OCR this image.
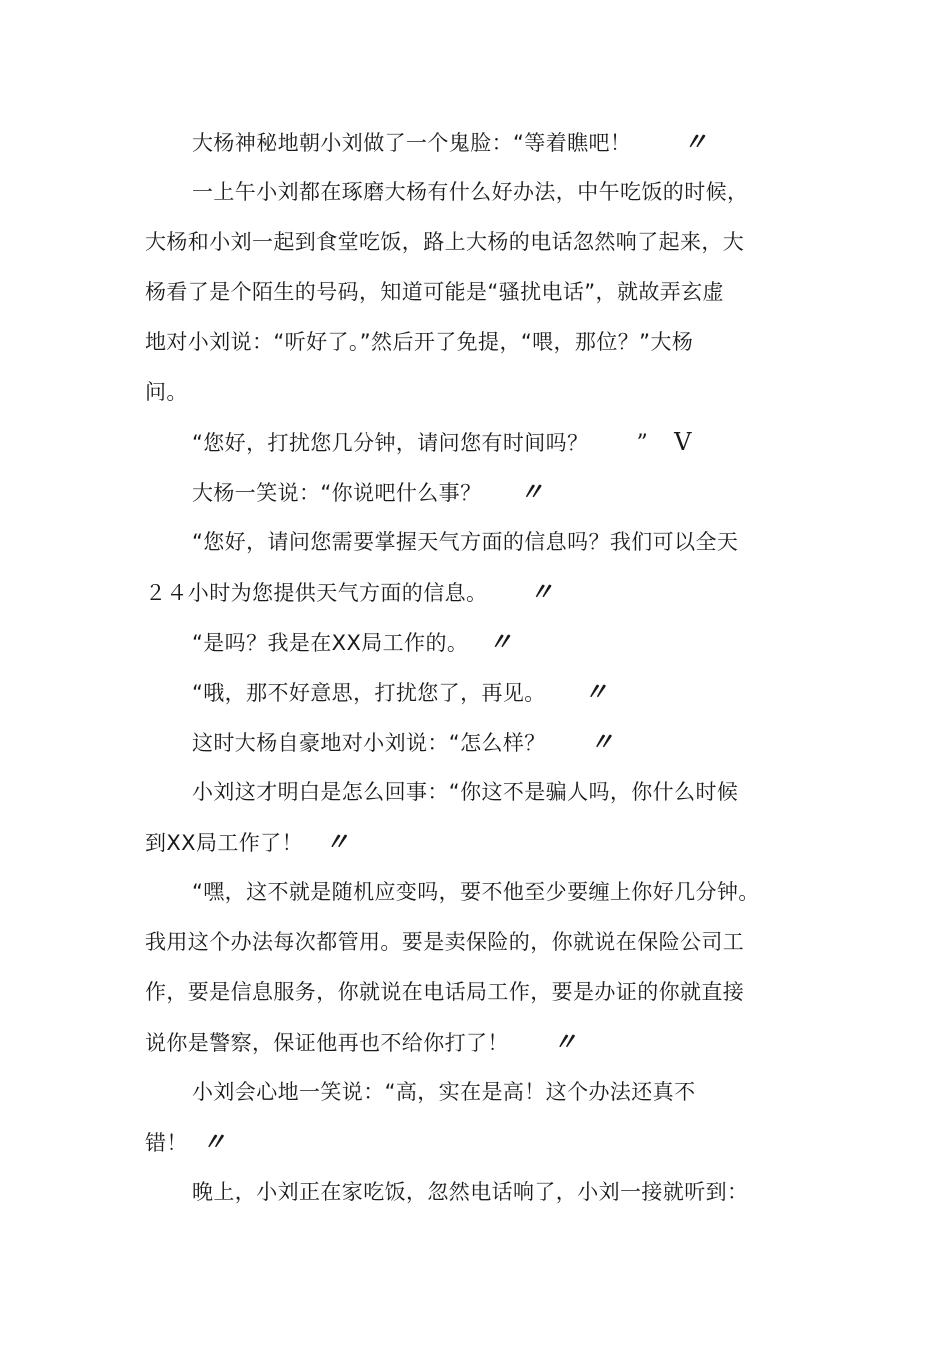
大杨神秘地朝小刘做了一个鬼脸：“等着瞧吧！ 〃
一上午小刘都在琢磨大杨有什么好办法，中午吃饭的时候，
大杨和小刘一起到食堂吃饭，路上大杨的电话忽然响了起来，大
杨看了是个陌生的号码，知道可能是“骚扰电话”，就故弄玄虚
地对小刘说：“听好了。”然后开了免提，“喂，那位？”大杨
问。
“您好，打扰您几分钟，请问您有时间吗？ ” V
大杨一笑说：“你说吧什么事？ 〃
“您好，请问您需要掌握天气方面的信息吗？我们可以全天
２４小时为您提供天气方面的信息。 〃
“是吗？我是在XX局工作的。 〃
“哦，那不好意思，打扰您了，再见。 〃
这时大杨自豪地对小刘说：“怎么样？ 〃
小刘这才明白是怎么回事：“你这不是骗人吗，你什么时候
到XX局工作了！ 〃
“嘿，这不就是随机应变吗，要不他至少要缠上你好几分钟。
我用这个办法每次都管用。要是卖保险的，你就说在保险公司工
作，要是信息服务，你就说在电话局工作，要是办证的你就直接
说你是警察，保证他再也不给你打了！ 〃
小刘会心地一笑说：“高，实在是高！这个办法还真不
错！ 〃
晚上，小刘正在家吃饭，忽然电话响了，小刘一接就听到：
